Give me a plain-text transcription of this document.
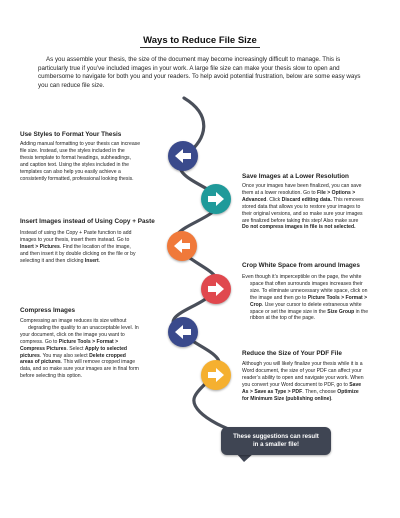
Ways to Reduce File Size
As you assemble your thesis, the size of the document may become increasingly difficult to manage. This is particularly true if you’ve included images in your work. A large file size can make your thesis slow to open and cumbersome to navigate for both you and your readers. To help avoid potential frustration, below are some easy ways you can reduce file size.
Use Styles to Format Your Thesis
Adding manual formatting to your thesis can increase
file size. Instead, use the styles included in the
thesis template to format headings, subheadings,
and caption text. Using the styles included in the
templates can also help you easily achieve a
consistently formatted, professional looking thesis.	Save Images at a Lower Resolution
Once your images have been finalized, you can save
them at a lower resolution. Go to File > Options >
Advanced. Click Discard editing data. This removes
stored data that allows you to restore your images to
their original versions, and so make sure your images
are finalized before taking this step! Also make sure
Do not compress images in file is not selected.
Insert Images instead of Using Copy + Paste
Instead of using the Copy + Paste function to add
images to your thesis, insert them instead. Go to
Insert > Pictures. Find the location of the image,
and then insert it by double clicking on the file or by
selecting it and then clicking Insert.
Crop White Space from around Images
Even though it’s imperceptible on the page, the white
space that often surrounds images increases their
size. To eliminate unnecessary white space, click on
the image and then go to Picture Tools > Format >
Crop. Use your cursor to delete extraneous white
space or set the image size in the Size Group in the
ribbon at the top of the page.
Compress Images
Compressing an image reduces its size without
degrading the quality to an unacceptable level. In
your document, click on the image you want to
compress. Go to Picture Tools > Format >
Compress Pictures. Select Apply to selected
pictures. You may also select Delete cropped
areas of pictures. This will remove cropped image
data, and so make sure your images are in final form
before selecting this option.
Reduce the Size of Your PDF File
Although you will likely finalize your thesis while it is a
Word document, the size of your PDF can affect your
reader’s ability to open and navigate your work. When
you convert your Word document to PDF, go to Save
As > Save as Type > PDF. Then, choose Optimize
for Minimum Size (publishing online).
These suggestions can result
in a smaller file!
